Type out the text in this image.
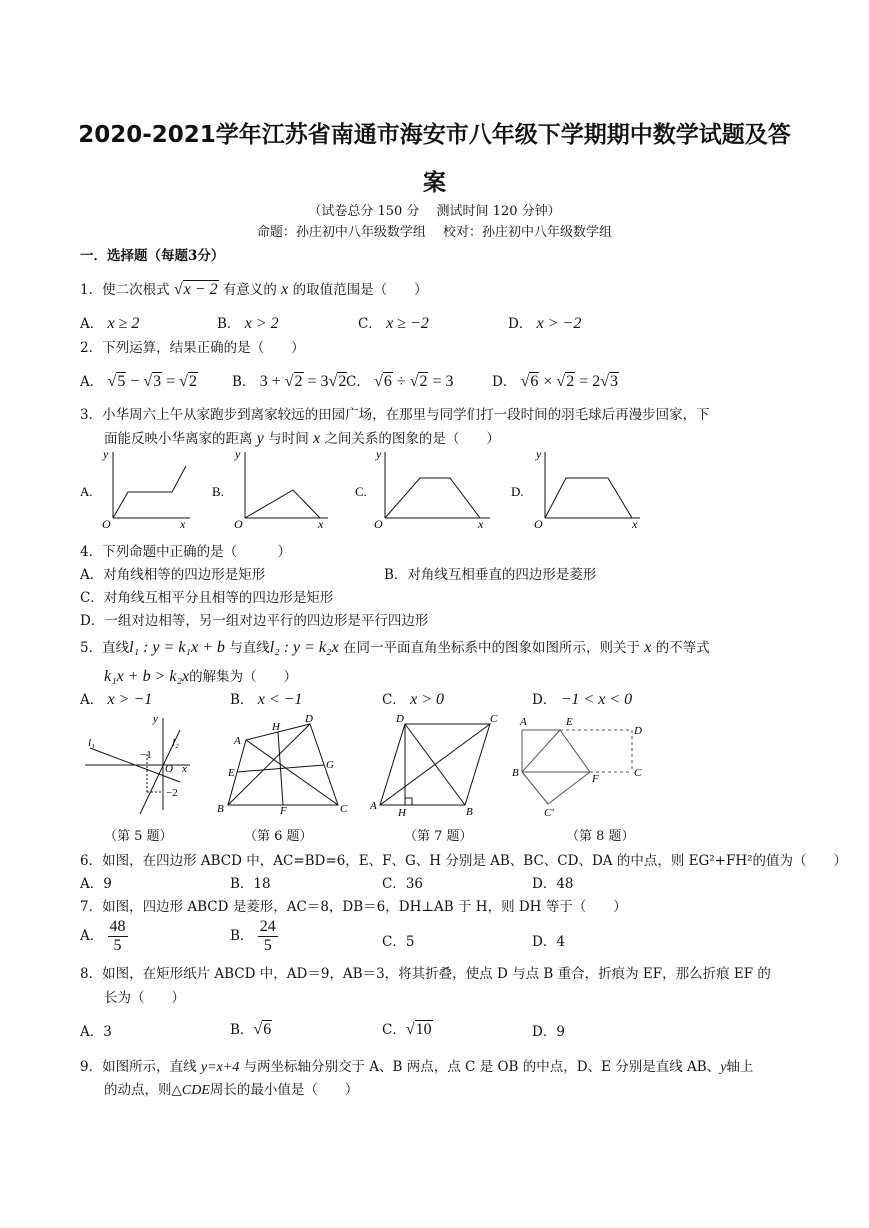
2020-2021学年江苏省南通市海安市八年级下学期期中数学试题及答
案
（试卷总分 150 分　 测试时间 120 分钟）
命题：孙庄初中八年级数学组　 校对：孙庄初中八年级数学组
一．选择题（每题3分）
1．使二次根式 √x − 2 有意义的 x 的取值范围是（　　）
A． x ≥ 2	B． x > 2	C． x ≥ −2	D． x > −2
2．下列运算，结果正确的是（　　）
A． √5 − √3 = √2	B． 3 + √2 = 3√2 C． √6 ÷ √2 = 3	D． √6 × √2 = 2√3
3．小华周六上午从家跑步到离家较远的田园广场，在那里与同学们打一段时间的羽毛球后再漫步回家，下
面能反映小华离家的距离 y 与时间 x 之间关系的图象的是（　　）
A.
O	x
y
B.
O	x
y
C.
O	x
y
D.
O	x
y
4．下列命题中正确的是（　　　）
A．对角线相等的四边形是矩形	B．对角线互相垂直的四边形是菱形
C．对角线互相平分且相等的四边形是矩形
D．一组对边相等，另一组对边平行的四边形是平行四边形
5．直线l₁ : y = k₁x + b 与直线l₂ : y = k₂x 在同一平面直角坐标系中的图象如图所示，则关于 x 的不等式
k₁x + b > k₂x的解集为（　　）
A． x > −1	B． x < −1	C． x > 0	D． −1 < x < 0
l₁	l₂
−1
O x
y
−2
A
B	C
D
E
F
G
H
A	B
C
D
H
A
B	C
D
E
F
C′
（第 5 题）	（第 6 题）	（第 7 题）	（第 8 题）
6．如图，在四边形 ABCD 中，AC=BD=6，E、F、G、H 分别是 AB、BC、CD、DA 的中点，则 EG²+FH²的值为（　　）
A．9	B．18	C．36	D．48
7．如图，四边形 ABCD 是菱形，AC＝8，DB＝6，DH⊥AB 于 H，则 DH 等于（　　）
A． $\frac{48}{5}$	B． $\frac{24}{5}$	C．5	D．4
8．如图，在矩形纸片 ABCD 中，AD＝9，AB＝3，将其折叠，使点 D 与点 B 重合，折痕为 EF，那么折痕 EF 的
长为（　　）
A．3	B．√6	C．√10	D．9
9．如图所示，直线 y=x+4 与两坐标轴分别交于 A、B 两点，点 C 是 OB 的中点，D、E 分别是直线 AB、y轴上
的动点，则△CDE周长的最小值是（　　）
